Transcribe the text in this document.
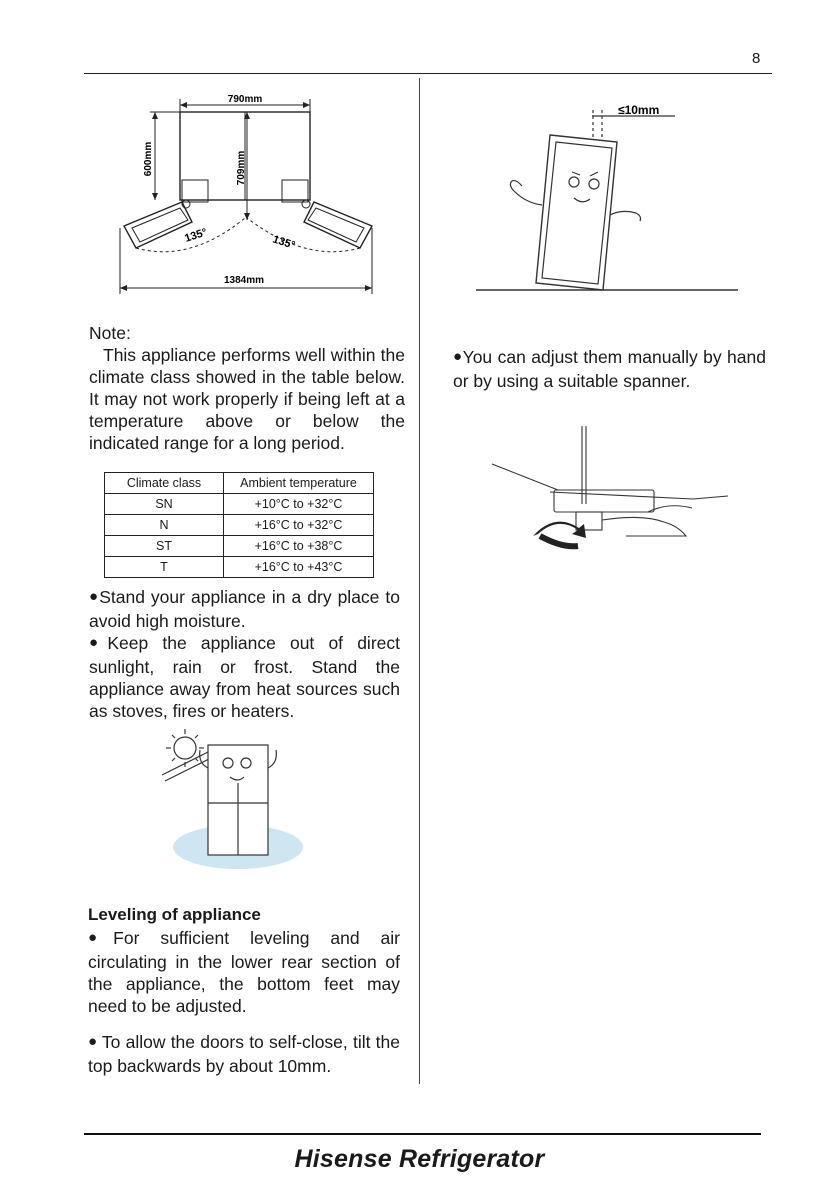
8
790mm
600mm	709mm
135°	135°
1384mm
Note:
This appliance performs well within the climate class showed in the table below. It may not work properly if being left at a temperature above or below the indicated range for a long period.
Climate class	Ambient temperature
SN	+10°C to +32°C
N	+16°C to +32°C
ST	+16°C to +38°C
T	+16°C to +43°C

●Stand your appliance in a dry place to avoid high moisture.

●Keep the appliance out of direct sunlight, rain or frost. Stand the appliance away from heat sources such as stoves, fires or heaters.

Leveling of appliance
●For sufficient leveling and air circulating in the lower rear section of the appliance, the bottom feet may need to be adjusted.
● To allow the doors to self-close, tilt the top backwards by about 10mm.
≤10mm
●You can adjust them manually by hand or by using a suitable spanner.
Hisense Refrigerator
